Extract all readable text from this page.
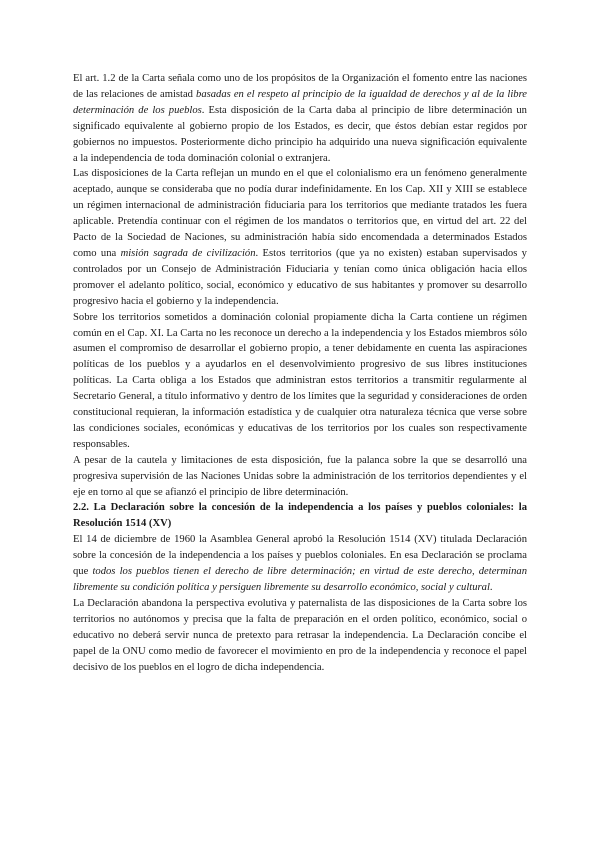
El art. 1.2 de la Carta señala como uno de los propósitos de la Organización el fomento entre las naciones de las relaciones de amistad basadas en el respeto al principio de la igualdad de derechos y al de la libre determinación de los pueblos. Esta disposición de la Carta daba al principio de libre determinación un significado equivalente al gobierno propio de los Estados, es decir, que éstos debían estar regidos por gobiernos no impuestos. Posteriormente dicho principio ha adquirido una nueva significación equivalente a la independencia de toda dominación colonial o extranjera.

Las disposiciones de la Carta reflejan un mundo en el que el colonialismo era un fenómeno generalmente aceptado, aunque se consideraba que no podía durar indefinidamente. En los Cap. XII y XIII se establece un régimen internacional de administración fiduciaria para los territorios que mediante tratados les fuera aplicable. Pretendía continuar con el régimen de los mandatos o territorios que, en virtud del art. 22 del Pacto de la Sociedad de Naciones, su administración había sido encomendada a determinados Estados como una misión sagrada de civilización. Estos territorios (que ya no existen) estaban supervisados y controlados por un Consejo de Administración Fiduciaria y tenían como única obligación hacia ellos promover el adelanto político, social, económico y educativo de sus habitantes y promover su desarrollo progresivo hacia el gobierno y la independencia.

Sobre los territorios sometidos a dominación colonial propiamente dicha la Carta contiene un régimen común en el Cap. XI. La Carta no les reconoce un derecho a la independencia y los Estados miembros sólo asumen el compromiso de desarrollar el gobierno propio, a tener debidamente en cuenta las aspiraciones políticas de los pueblos y a ayudarlos en el desenvolvimiento progresivo de sus libres instituciones políticas. La Carta obliga a los Estados que administran estos territorios a transmitir regularmente al Secretario General, a título informativo y dentro de los límites que la seguridad y consideraciones de orden constitucional requieran, la información estadística y de cualquier otra naturaleza técnica que verse sobre las condiciones sociales, económicas y educativas de los territorios por los cuales son respectivamente responsables.

A pesar de la cautela y limitaciones de esta disposición, fue la palanca sobre la que se desarrolló una progresiva supervisión de las Naciones Unidas sobre la administración de los territorios dependientes y el eje en torno al que se afianzó el principio de libre determinación.

2.2. La Declaración sobre la concesión de la independencia a los países y pueblos coloniales: la Resolución 1514 (XV)

El 14 de diciembre de 1960 la Asamblea General aprobó la Resolución 1514 (XV) titulada Declaración sobre la concesión de la independencia a los países y pueblos coloniales. En esa Declaración se proclama que todos los pueblos tienen el derecho de libre determinación; en virtud de este derecho, determinan libremente su condición política y persiguen libremente su desarrollo económico, social y cultural.

La Declaración abandona la perspectiva evolutiva y paternalista de las disposiciones de la Carta sobre los territorios no autónomos y precisa que la falta de preparación en el orden político, económico, social o educativo no deberá servir nunca de pretexto para retrasar la independencia. La Declaración concibe el papel de la ONU como medio de favorecer el movimiento en pro de la independencia y reconoce el papel decisivo de los pueblos en el logro de dicha independencia.
